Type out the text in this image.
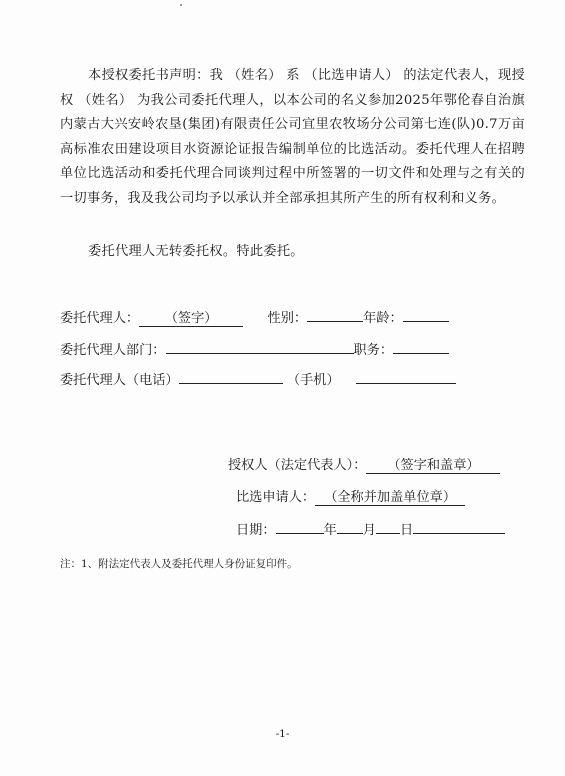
本授权委托书声明：我 （姓名） 系 （比选申请人） 的法定代表人，现授权 （姓名） 为我公司委托代理人，以本公司的名义参加2025年鄂伦春自治旗内蒙古大兴安岭农垦(集团)有限责任公司宜里农牧场分公司第七连(队)0.7万亩高标准农田建设项目水资源论证报告编制单位的比选活动。委托代理人在招聘单位比选活动和委托代理合同谈判过程中所签署的一切文件和处理与之有关的一切事务，我及我公司均予以承认并全部承担其所产生的所有权利和义务。
委托代理人无转委托权。特此委托。
委托代理人： （签字）	性别：	年龄：
委托代理人部门：	职务：
委托代理人（电话）	（手机）
授权人（法定代表人）： （签字和盖章）
比选申请人： （全称并加盖单位章）
日期：	年 月 日
注：1、附法定代表人及委托代理人身份证复印件。
-1-
